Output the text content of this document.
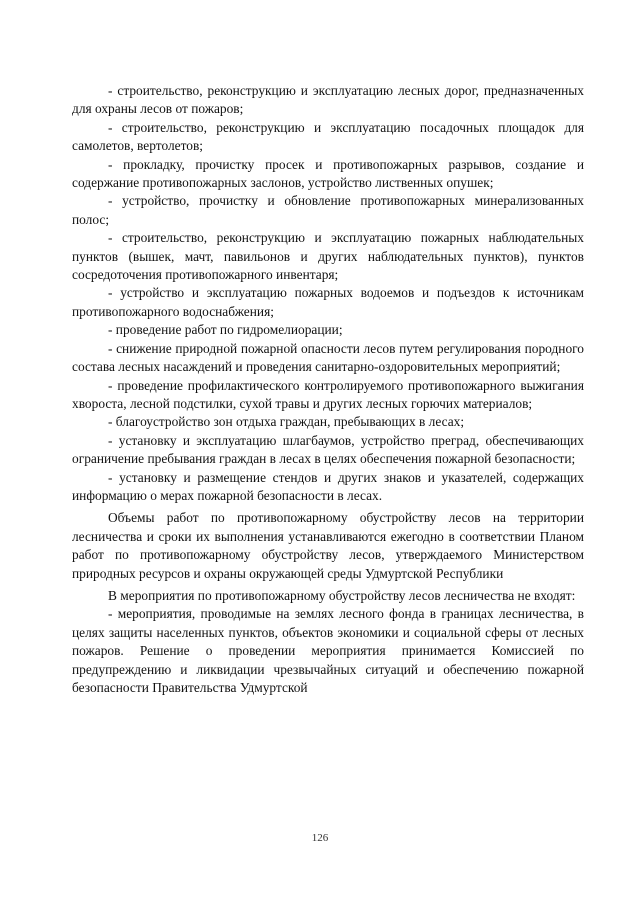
- строительство, реконструкцию и эксплуатацию лесных дорог, предназначенных для охраны лесов от пожаров;

- строительство, реконструкцию и эксплуатацию посадочных площадок для самолетов, вертолетов;

- прокладку, прочистку просек и противопожарных разрывов, создание и содержание противопожарных заслонов, устройство лиственных опушек;

- устройство, прочистку и обновление противопожарных минерализованных полос;

- строительство, реконструкцию и эксплуатацию пожарных наблюдательных пунктов (вышек, мачт, павильонов и других наблюдательных пунктов), пунктов сосредоточения противопожарного инвентаря;

- устройство и эксплуатацию пожарных водоемов и подъездов к источникам противопожарного водоснабжения;

- проведение работ по гидромелиорации;

- снижение природной пожарной опасности лесов путем регулирования породного состава лесных насаждений и проведения санитарно-оздоровительных мероприятий;

- проведение профилактического контролируемого противопожарного выжигания хвороста, лесной подстилки, сухой травы и других лесных горючих материалов;

- благоустройство зон отдыха граждан, пребывающих в лесах;

- установку и эксплуатацию шлагбаумов, устройство преград, обеспечивающих ограничение пребывания граждан в лесах в целях обеспечения пожарной безопасности;

- установку и размещение стендов и других знаков и указателей, содержащих информацию о мерах пожарной безопасности в лесах.

Объемы работ по противопожарному обустройству лесов на территории лесничества и сроки их выполнения устанавливаются ежегодно в соответствии Планом работ по противопожарному обустройству лесов, утверждаемого Министерством природных ресурсов и охраны окружающей среды Удмуртской Республики

В мероприятия по противопожарному обустройству лесов лесничества не входят:

- мероприятия, проводимые на землях лесного фонда в границах лесничества, в целях защиты населенных пунктов, объектов экономики и социальной сферы от лесных пожаров. Решение о проведении мероприятия принимается Комиссией по предупреждению и ликвидации чрезвычайных ситуаций и обеспечению пожарной безопасности Правительства Удмуртской

126
